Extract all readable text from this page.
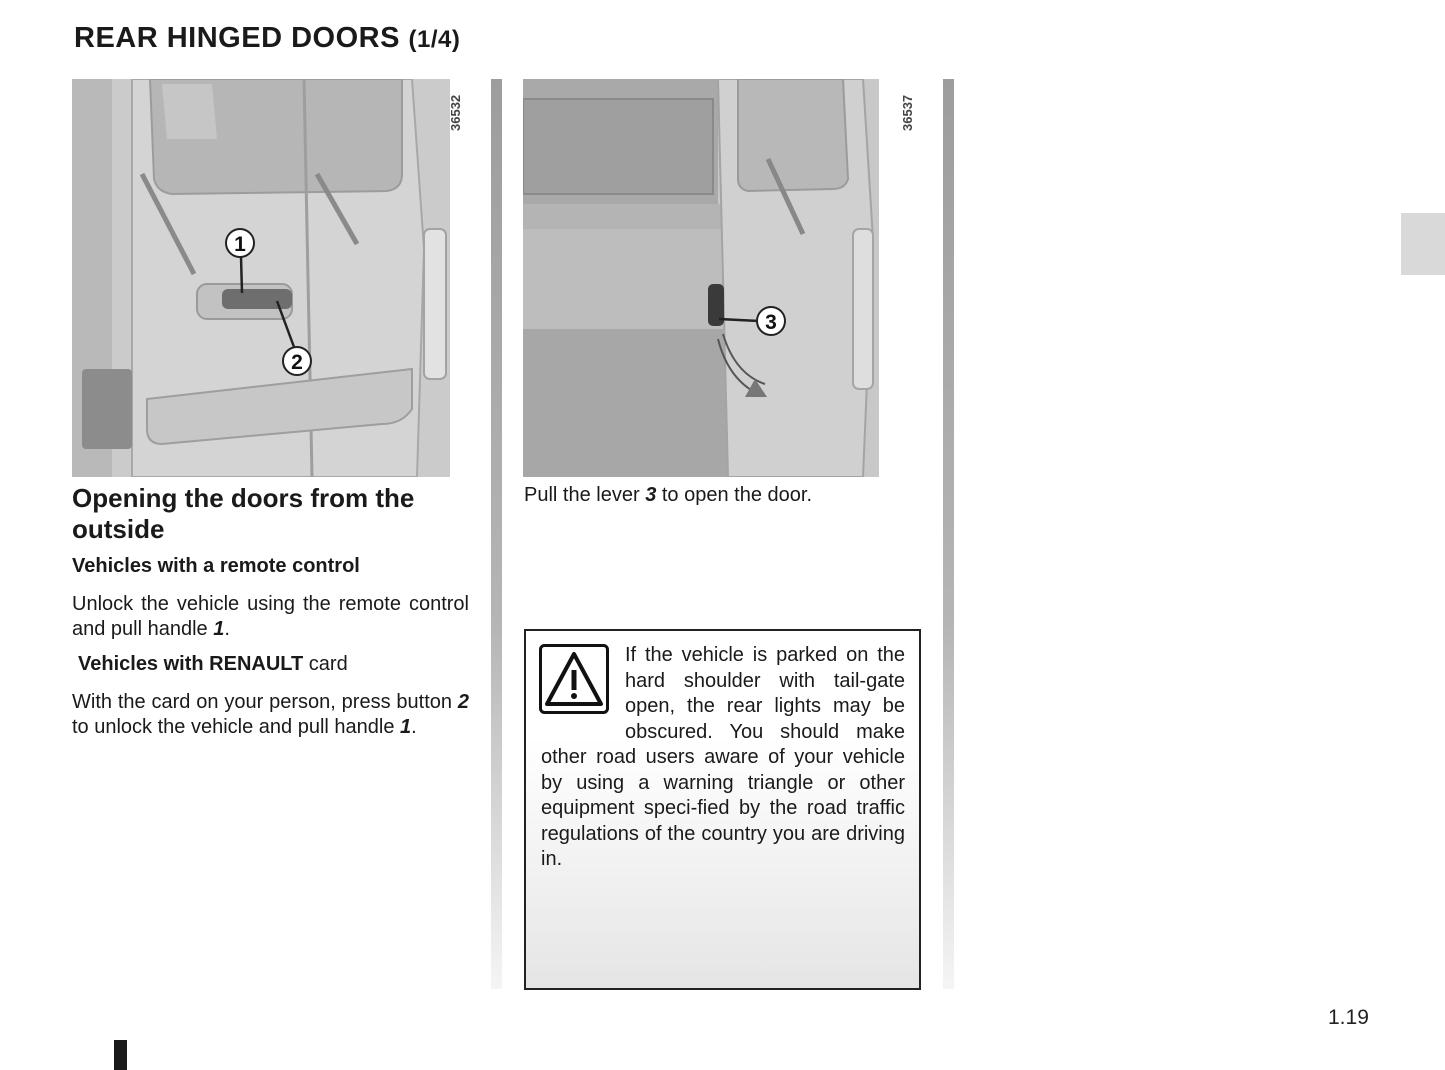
REAR HINGED DOORS (1/4)
1
2
36532
3
36537
Opening the doors from the outside
Vehicles with a remote control

Unlock the vehicle using the remote control and pull handle 1.

Vehicles with RENAULT card

With the card on your person, press button 2 to unlock the vehicle and pull handle 1.

Pull the lever 3 to open the door.

If the vehicle is parked on the hard shoulder with tail-gate open, the rear lights may be obscured. You should make other road users aware of your vehicle by using a warning triangle or other equipment speci-fied by the road traffic regulations of the country you are driving in.

1.19
